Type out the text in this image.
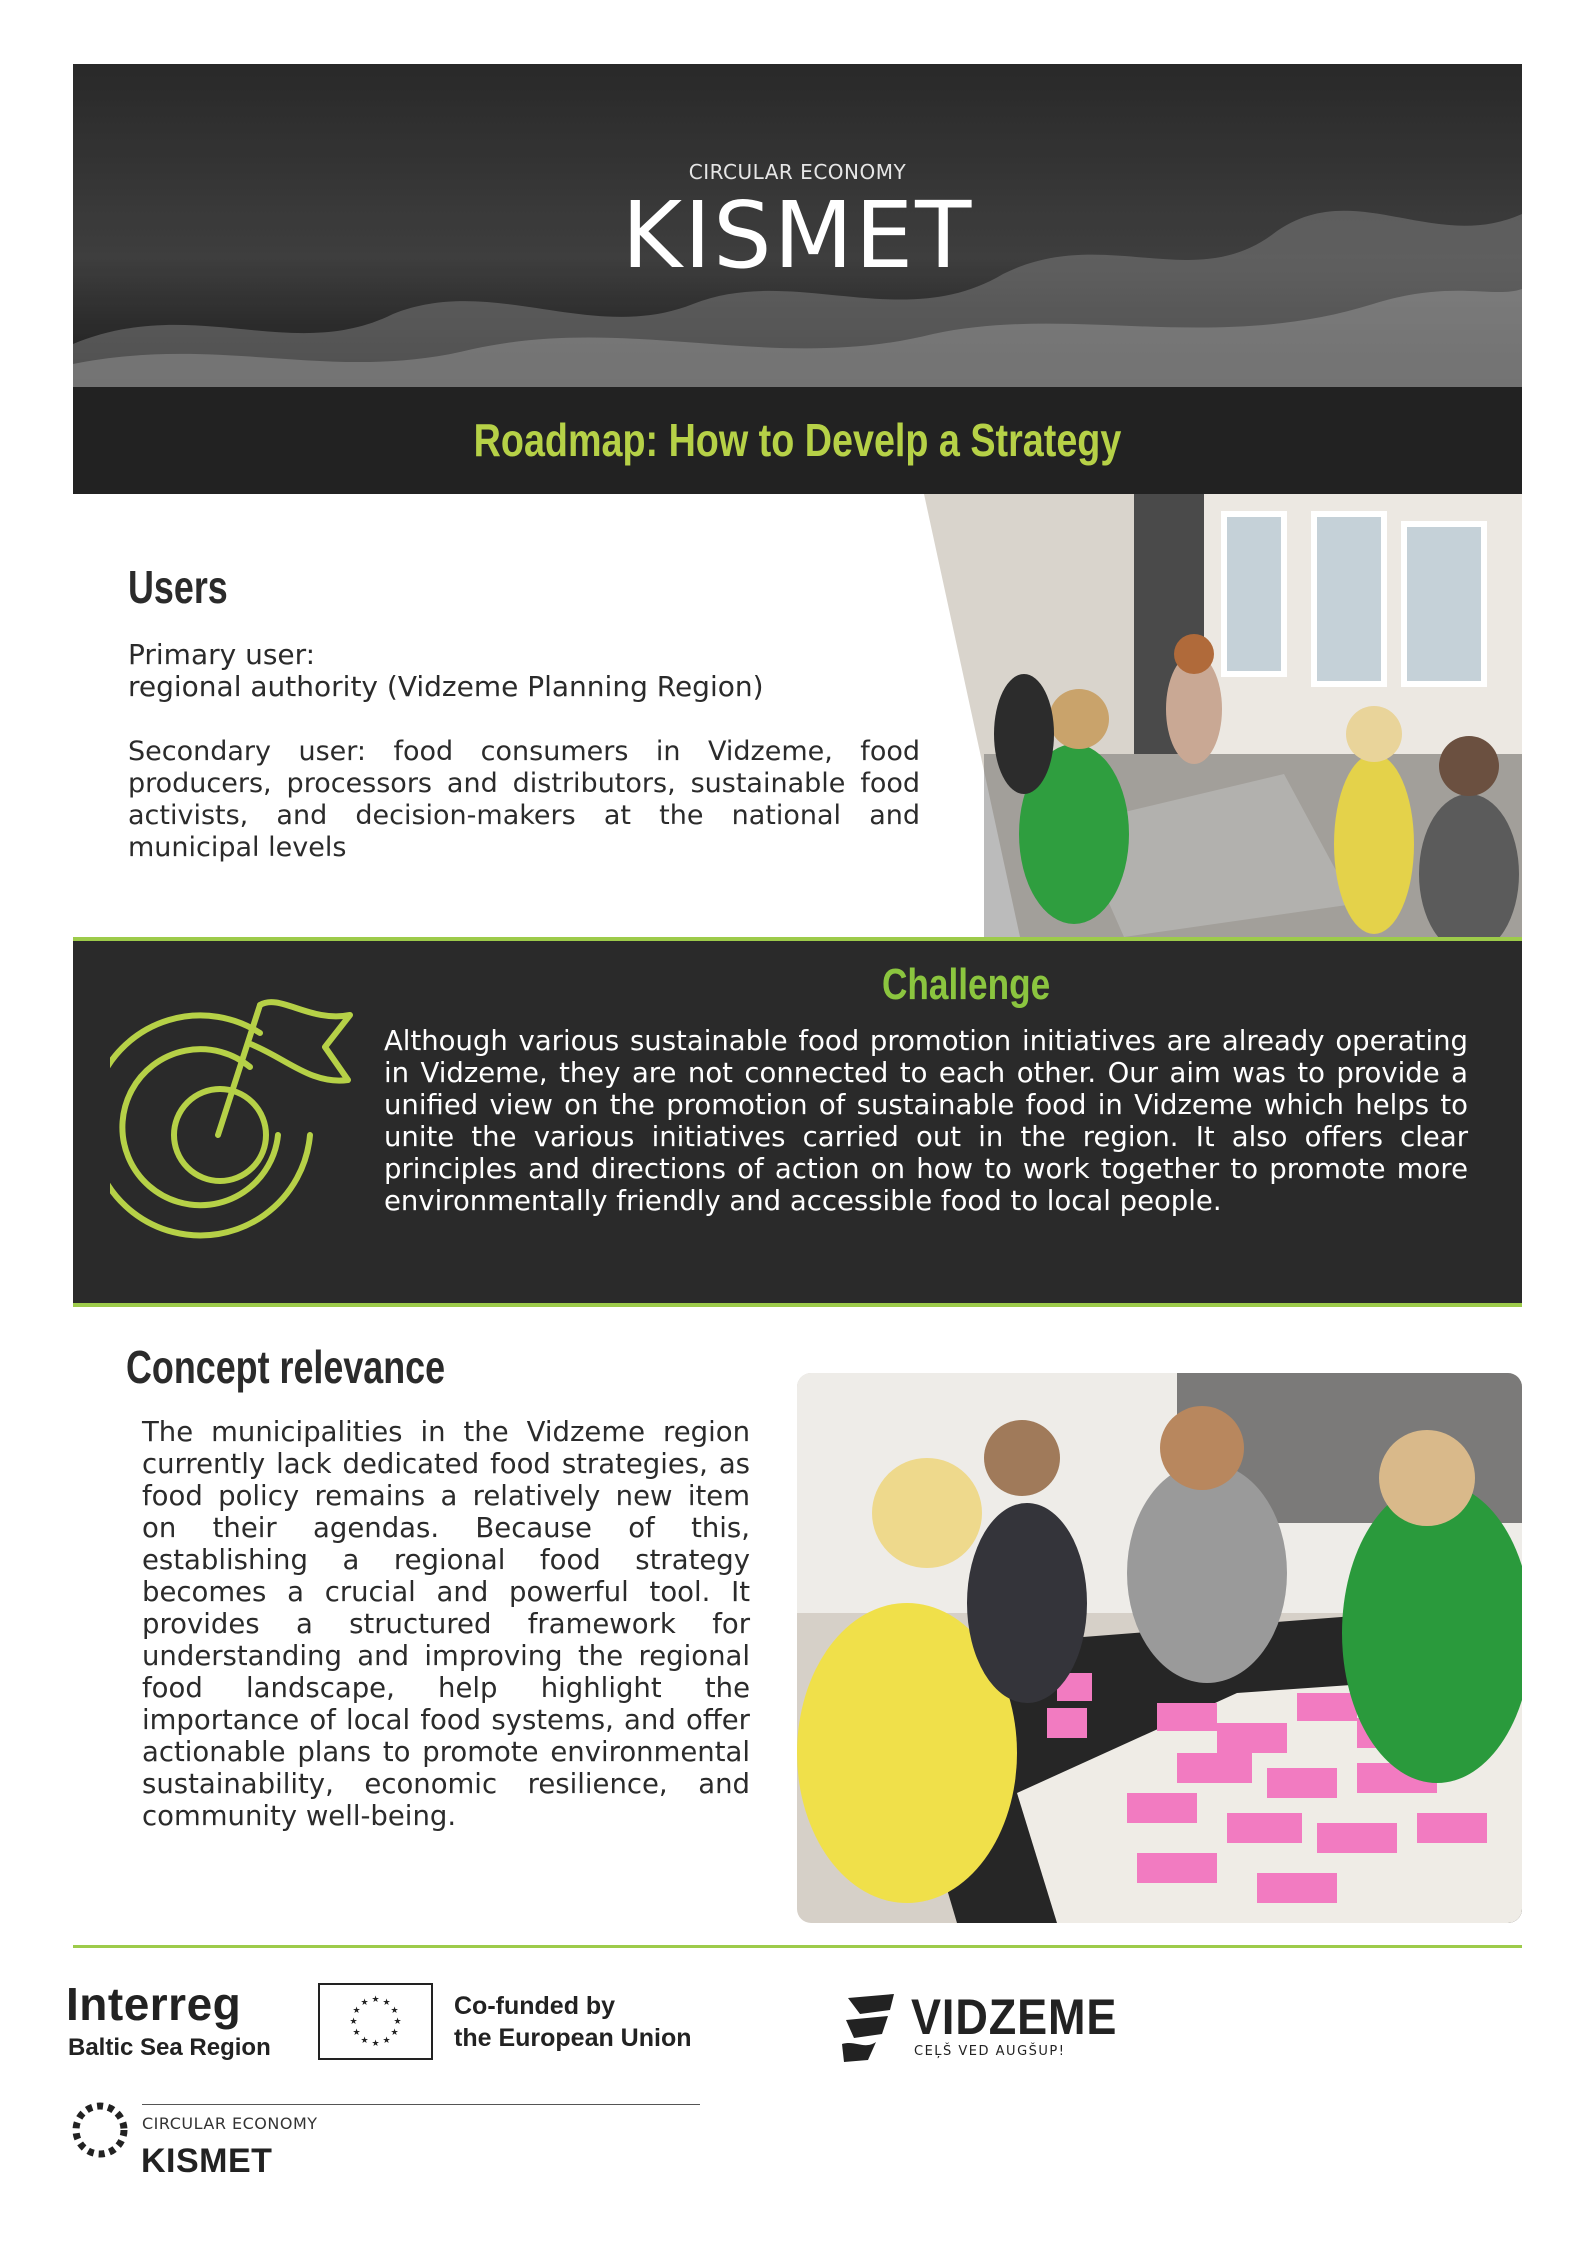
CIRCULAR ECONOMY
KISMET
Roadmap: How to Develp a Strategy
Users
Primary user:
regional authority (Vidzeme Planning Region)
Secondary user: food consumers in Vidzeme, food producers, processors and distributors, sustainable food activists, and decision-makers at the national and municipal levels
Challenge
Although various sustainable food promotion initiatives are already operating in Vidzeme, they are not connected to each other. Our aim was to provide a unified view on the promotion of sustainable food in Vidzeme which helps to unite the various initiatives carried out in the region. It also offers clear principles and directions of action on how to work together to promote more environmentally friendly and accessible food to local people.
Concept relevance
The municipalities in the Vidzeme region currently lack dedicated food strategies, as food policy remains a relatively new item on their agendas. Because of this, establishing a regional food strategy becomes a crucial and powerful tool. It provides a structured framework for understanding and improving the regional food landscape, help highlight the importance of local food systems, and offer actionable plans to promote environmental sustainability, economic resilience, and community well-being.
Interreg
Baltic Sea Region
★ ★
★
★
★
★
★
★
★
★
★
★	Co-funded by
the European Union	VIDZEME
CEĻŠ VED AUGŠUP!
CIRCULAR ECONOMY
KISMET
